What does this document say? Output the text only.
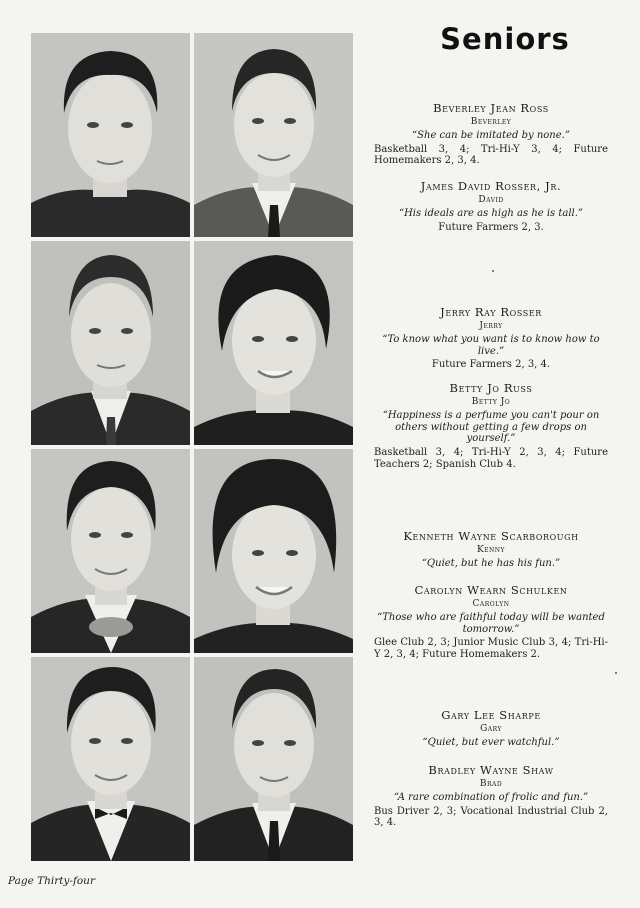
Seniors
Beverley Jean Ross
Beverley
“She can be imitated by none.”
Basketball 3, 4; Tri-Hi-Y 3, 4; Future Homemakers 2, 3, 4.
James David Rosser, Jr.
David
“His ideals are as high as he is tall.”
Future Farmers 2, 3.
Jerry Ray Rosser
Jerry
“To know what you want is to know how to live.”
Future Farmers 2, 3, 4.
Betty Jo Russ
Betty Jo
“Happiness is a perfume you can't pour on others without getting a few drops on yourself.”
Basketball 3, 4; Tri-Hi-Y 2, 3, 4; Future Teachers 2; Spanish Club 4.
Kenneth Wayne Scarborough
Kenny
“Quiet, but he has his fun.”
Carolyn Wearn Schulken
Carolyn
“Those who are faithful today will be wanted tomorrow.”
Glee Club 2, 3; Junior Music Club 3, 4; Tri-Hi-Y 2, 3, 4; Future Homemakers 2.
Gary Lee Sharpe
Gary
“Quiet, but ever watchful.”
Bradley Wayne Shaw
Brad
“A rare combination of frolic and fun.”
Bus Driver 2, 3; Vocational Industrial Club 2, 3, 4.
Page Thirty-four
